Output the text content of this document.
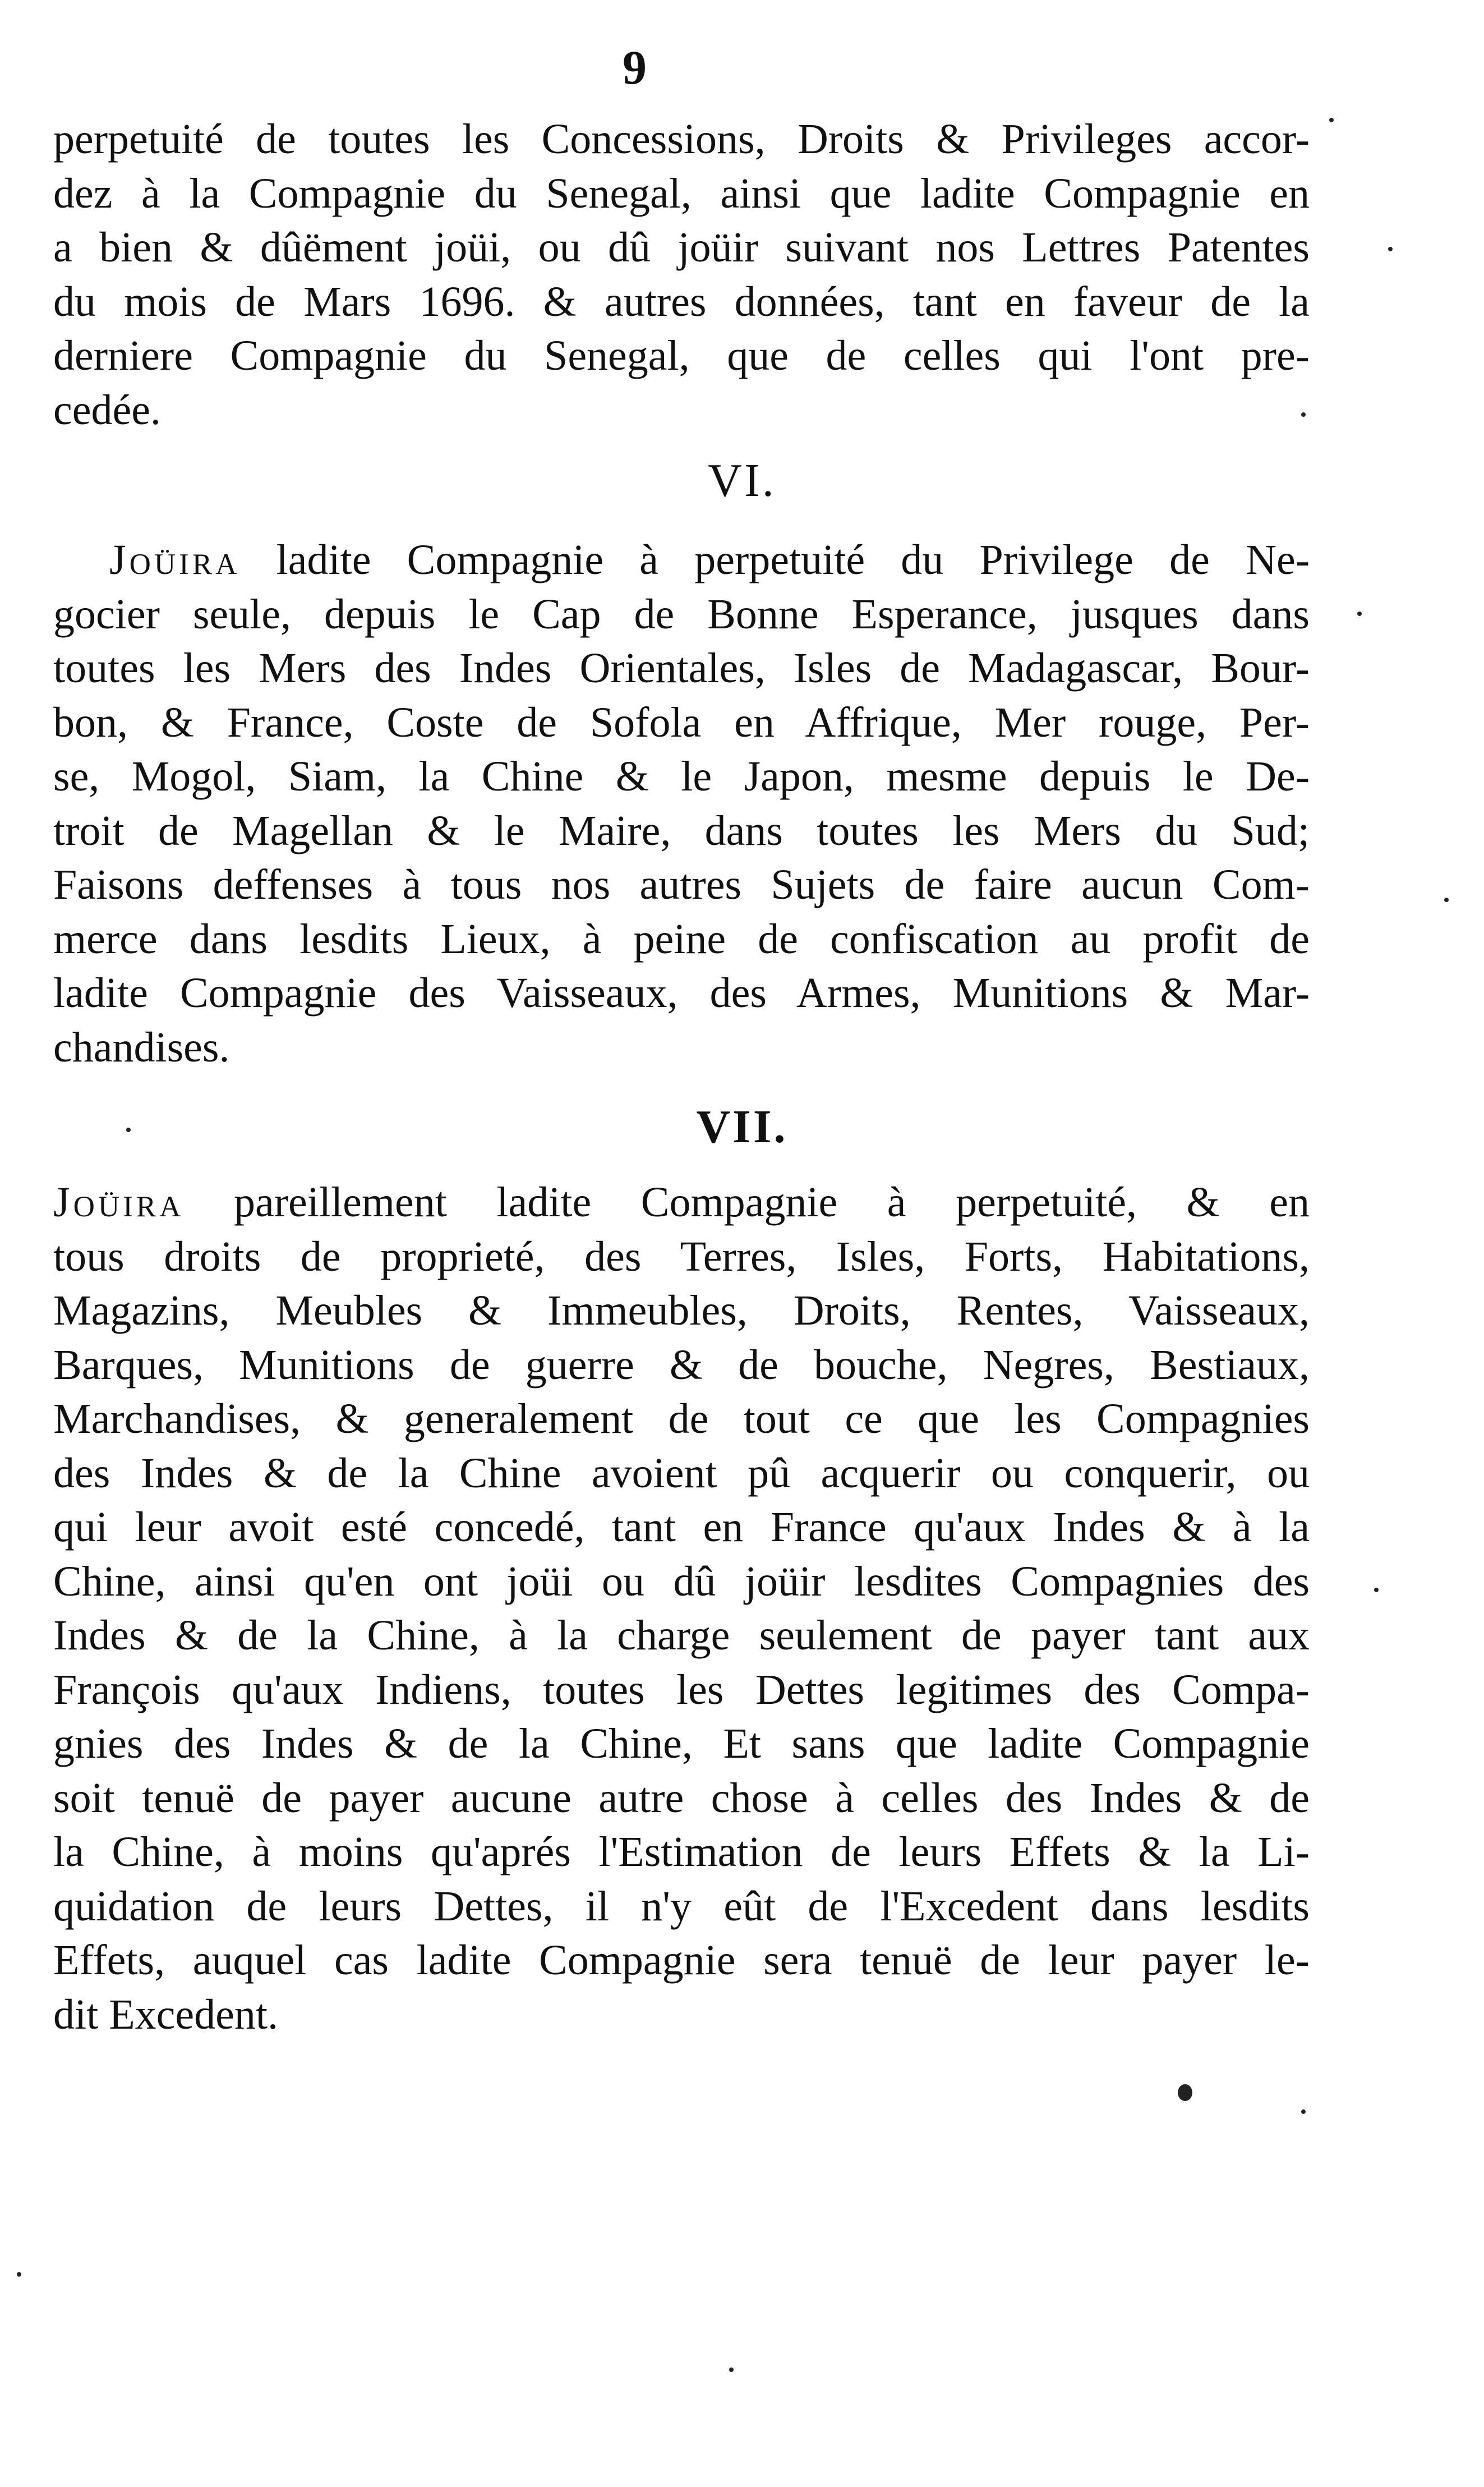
9
perpetuité de toutes les Concessions, Droits & Privileges accor-
dez à la Compagnie du Senegal, ainsi que ladite Compagnie en
a bien & dûëment joüi, ou dû joüir suivant nos Lettres Patentes
du mois de Mars 1696. & autres données, tant en faveur de la
derniere Compagnie du Senegal, que de celles qui l'ont pre-
cedée.
VI.
Joüira ladite Compagnie à perpetuité du Privilege de Ne-
gocier seule, depuis le Cap de Bonne Esperance, jusques dans
toutes les Mers des Indes Orientales, Isles de Madagascar, Bour-
bon, & France, Coste de Sofola en Affrique, Mer rouge, Per-
se, Mogol, Siam, la Chine & le Japon, mesme depuis le De-
troit de Magellan & le Maire, dans toutes les Mers du Sud;
Faisons deffenses à tous nos autres Sujets de faire aucun Com-
merce dans lesdits Lieux, à peine de confiscation au profit de
ladite Compagnie des Vaisseaux, des Armes, Munitions & Mar-
chandises.
VII.
Joüira pareillement ladite Compagnie à perpetuité, & en
tous droits de proprieté, des Terres, Isles, Forts, Habitations,
Magazins, Meubles & Immeubles, Droits, Rentes, Vaisseaux,
Barques, Munitions de guerre & de bouche, Negres, Bestiaux,
Marchandises, & generalement de tout ce que les Compagnies
des Indes & de la Chine avoient pû acquerir ou conquerir, ou
qui leur avoit esté concedé, tant en France qu'aux Indes & à la
Chine, ainsi qu'en ont joüi ou dû joüir lesdites Compagnies des
Indes & de la Chine, à la charge seulement de payer tant aux
François qu'aux Indiens, toutes les Dettes legitimes des Compa-
gnies des Indes & de la Chine, Et sans que ladite Compagnie
soit tenuë de payer aucune autre chose à celles des Indes & de
la Chine, à moins qu'aprés l'Estimation de leurs Effets & la Li-
quidation de leurs Dettes, il n'y eût de l'Excedent dans lesdits
Effets, auquel cas ladite Compagnie sera tenuë de leur payer le-
dit Excedent.
